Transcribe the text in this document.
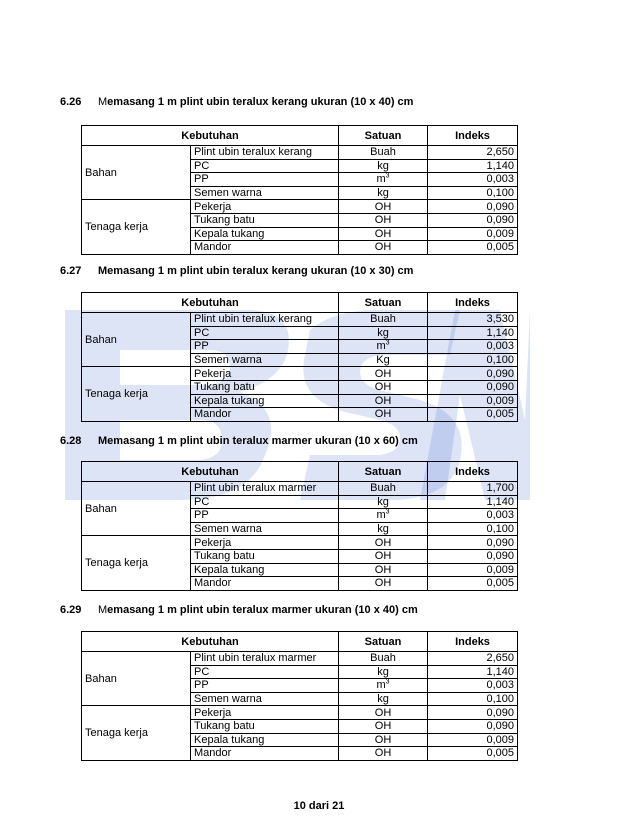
6.26 Memasang 1 m plint ubin teralux kerang ukuran (10 x 40) cm
Kebutuhan		Satuan	Indeks
Bahan	Plint ubin teralux kerang	Buah	2,650
	PC	kg	1,140
	PP	$m^3$	0,003
	Semen warna	kg	0,100
Tenaga kerja	Pekerja	OH	0,090
	Tukang batu	OH	0,090
	Kepala tukang	OH	0,009
	Mandor	OH	0,005
6.27 Memasang 1 m plint ubin teralux kerang ukuran (10 x 30) cm
Kebutuhan		Satuan	Indeks
Bahan	Plint ubin teralux kerang	Buah	3,530
	PC	kg	1,140
	PP	$m^3$	0,003
	Semen warna	Kg	0,100
Tenaga kerja	Pekerja	OH	0,090
	Tukang batu	OH	0,090
	Kepala tukang	OH	0,009
	Mandor	OH	0,005
6.28 Memasang 1 m plint ubin teralux marmer ukuran (10 x 60) cm
Kebutuhan		Satuan	Indeks
Bahan	Plint ubin teralux marmer	Buah	1,700
	PC	kg	1,140
	PP	$m^3$	0,003
	Semen warna	kg	0,100
Tenaga kerja	Pekerja	OH	0,090
	Tukang batu	OH	0,090
	Kepala tukang	OH	0,009
	Mandor	OH	0,005
6.29 Memasang 1 m plint ubin teralux marmer ukuran (10 x 40) cm
Kebutuhan		Satuan	Indeks
Bahan	Plint ubin teralux marmer	Buah	2,650
	PC	kg	1,140
	PP	$m^3$	0,003
	Semen warna	kg	0,100
Tenaga kerja	Pekerja	OH	0,090
	Tukang batu	OH	0,090
	Kepala tukang	OH	0,009
	Mandor	OH	0,005
10 dari 21
